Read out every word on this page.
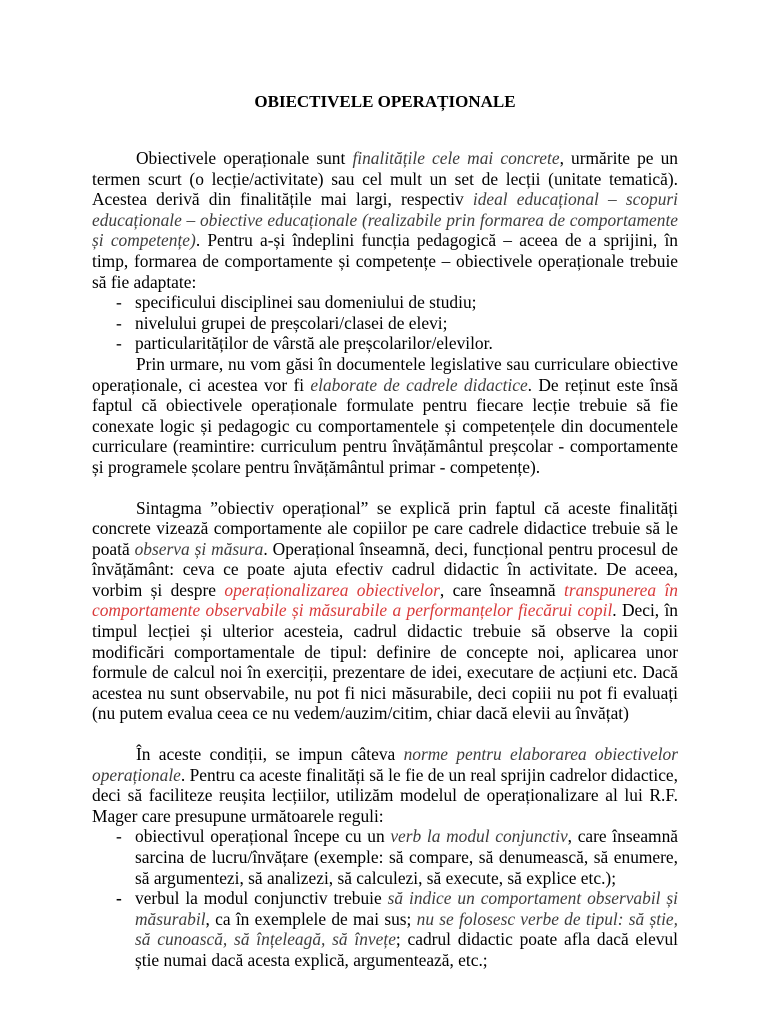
OBIECTIVELE OPERAȚIONALE

Obiectivele operaționale sunt finalitățile cele mai concrete, urmărite pe un termen scurt (o lecție/activitate) sau cel mult un set de lecții (unitate tematică). Acestea derivă din finalitățile mai largi, respectiv ideal educațional – scopuri educaționale – obiective educaționale (realizabile prin formarea de comportamente și competențe). Pentru a-și îndeplini funcția pedagogică – aceea de a sprijini, în timp, formarea de comportamente și competențe – obiectivele operaționale trebuie să fie adaptate:

- specificului disciplinei sau domeniului de studiu;
- nivelului grupei de preșcolari/clasei de elevi;
- particularităților de vârstă ale preșcolarilor/elevilor.

Prin urmare, nu vom găsi în documentele legislative sau curriculare obiective operaționale, ci acestea vor fi elaborate de cadrele didactice. De reținut este însă faptul că obiectivele operaționale formulate pentru fiecare lecție trebuie să fie conexate logic și pedagogic cu comportamentele și competențele din documentele curriculare (reamintire: curriculum pentru învățământul preșcolar - comportamente și programele școlare pentru învățământul primar - competențe).

Sintagma ”obiectiv operațional” se explică prin faptul că aceste finalități concrete vizează comportamente ale copiilor pe care cadrele didactice trebuie să le poată observa și măsura. Operațional înseamnă, deci, funcțional pentru procesul de învățământ: ceva ce poate ajuta efectiv cadrul didactic în activitate. De aceea, vorbim și despre operaționalizarea obiectivelor, care înseamnă transpunerea în comportamente observabile și măsurabile a performanțelor fiecărui copil. Deci, în timpul lecției și ulterior acesteia, cadrul didactic trebuie să observe la copii modificări comportamentale de tipul: definire de concepte noi, aplicarea unor formule de calcul noi în exerciții, prezentare de idei, executare de acțiuni etc. Dacă acestea nu sunt observabile, nu pot fi nici măsurabile, deci copiii nu pot fi evaluați (nu putem evalua ceea ce nu vedem/auzim/citim, chiar dacă elevii au învățat)

În aceste condiții, se impun câteva norme pentru elaborarea obiectivelor operaționale. Pentru ca aceste finalități să le fie de un real sprijin cadrelor didactice, deci să faciliteze reușita lecțiilor, utilizăm modelul de operaționalizare al lui R.F. Mager care presupune următoarele reguli:

- obiectivul operațional începe cu un verb la modul conjunctiv, care înseamnă sarcina de lucru/învățare (exemple: să compare, să denumească, să enumere, să argumentezi, să analizezi, să calculezi, să execute, să explice etc.);
- verbul la modul conjunctiv trebuie să indice un comportament observabil și măsurabil, ca în exemplele de mai sus; nu se folosesc verbe de tipul: să știe, să cunoască, să înțeleagă, să învețe; cadrul didactic poate afla dacă elevul știe numai dacă acesta explică, argumentează, etc.;
